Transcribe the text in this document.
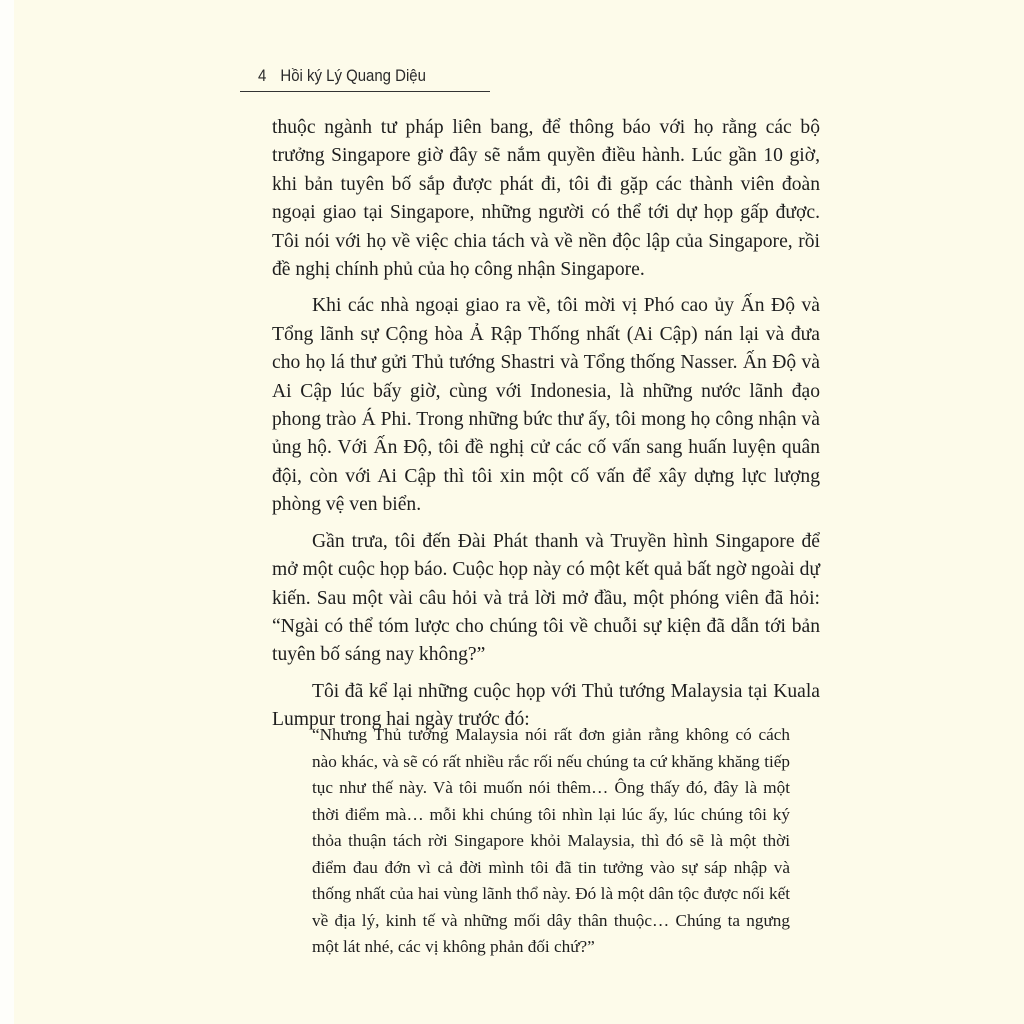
4 Hồi ký Lý Quang Diệu

thuộc ngành tư pháp liên bang, để thông báo với họ rằng các bộ trưởng Singapore giờ đây sẽ nắm quyền điều hành. Lúc gần 10 giờ, khi bản tuyên bố sắp được phát đi, tôi đi gặp các thành viên đoàn ngoại giao tại Singapore, những người có thể tới dự họp gấp được. Tôi nói với họ về việc chia tách và về nền độc lập của Singapore, rồi đề nghị chính phủ của họ công nhận Singapore.

Khi các nhà ngoại giao ra về, tôi mời vị Phó cao ủy Ấn Độ và Tổng lãnh sự Cộng hòa Ả Rập Thống nhất (Ai Cập) nán lại và đưa cho họ lá thư gửi Thủ tướng Shastri và Tổng thống Nasser. Ấn Độ và Ai Cập lúc bấy giờ, cùng với Indonesia, là những nước lãnh đạo phong trào Á Phi. Trong những bức thư ấy, tôi mong họ công nhận và ủng hộ. Với Ấn Độ, tôi đề nghị cử các cố vấn sang huấn luyện quân đội, còn với Ai Cập thì tôi xin một cố vấn để xây dựng lực lượng phòng vệ ven biển.

Gần trưa, tôi đến Đài Phát thanh và Truyền hình Singapore để mở một cuộc họp báo. Cuộc họp này có một kết quả bất ngờ ngoài dự kiến. Sau một vài câu hỏi và trả lời mở đầu, một phóng viên đã hỏi: “Ngài có thể tóm lược cho chúng tôi về chuỗi sự kiện đã dẫn tới bản tuyên bố sáng nay không?”

Tôi đã kể lại những cuộc họp với Thủ tướng Malaysia tại Kuala Lumpur trong hai ngày trước đó:

“Nhưng Thủ tướng Malaysia nói rất đơn giản rằng không có cách nào khác, và sẽ có rất nhiều rắc rối nếu chúng ta cứ khăng khăng tiếp tục như thế này. Và tôi muốn nói thêm… Ông thấy đó, đây là một thời điểm mà… mỗi khi chúng tôi nhìn lại lúc ấy, lúc chúng tôi ký thỏa thuận tách rời Singapore khỏi Malaysia, thì đó sẽ là một thời điểm đau đớn vì cả đời mình tôi đã tin tưởng vào sự sáp nhập và thống nhất của hai vùng lãnh thổ này. Đó là một dân tộc được nối kết về địa lý, kinh tế và những mối dây thân thuộc… Chúng ta ngưng một lát nhé, các vị không phản đối chứ?”
